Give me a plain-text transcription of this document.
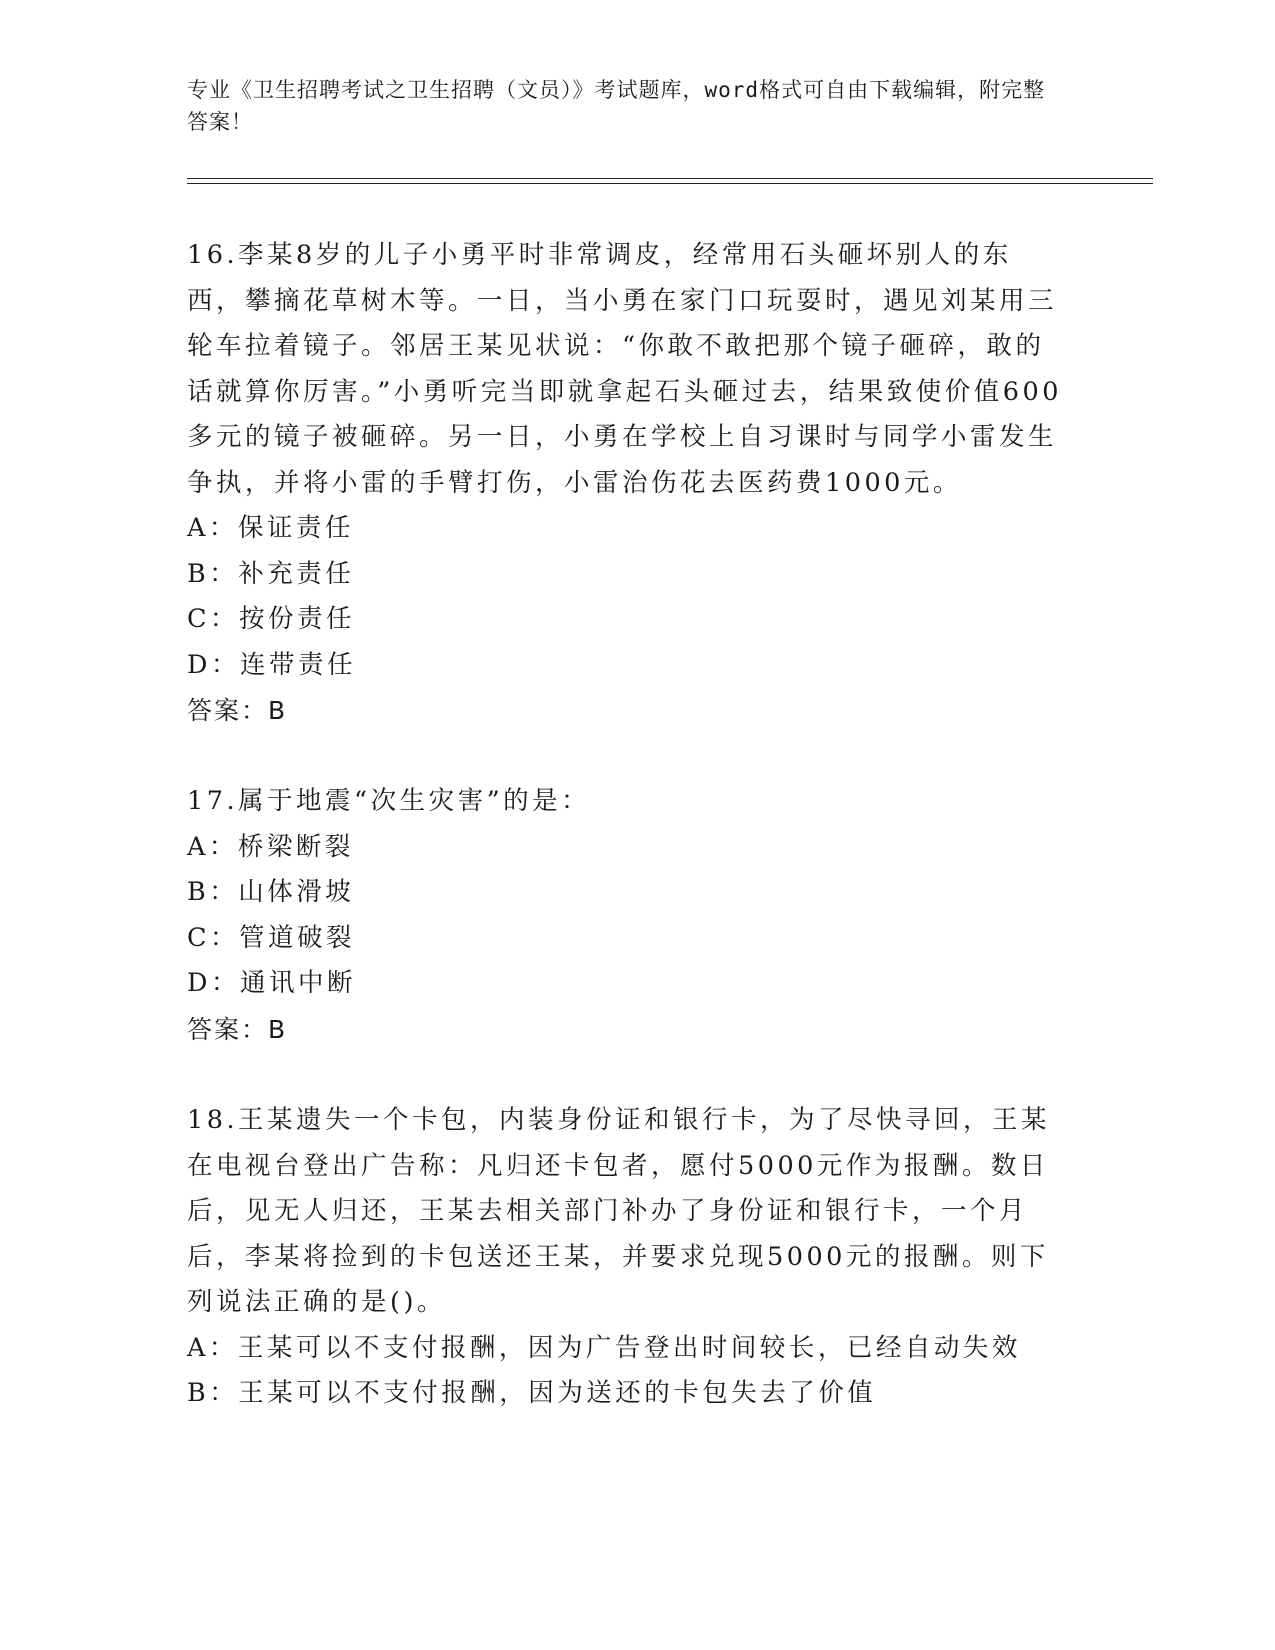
专业《卫生招聘考试之卫生招聘（文员）》考试题库，word格式可自由下载编辑，附完整答案！

16.李某8岁的儿子小勇平时非常调皮，经常用石头砸坏别人的东西，攀摘花草树木等。一日，当小勇在家门口玩耍时，遇见刘某用三轮车拉着镜子。邻居王某见状说：“你敢不敢把那个镜子砸碎，敢的话就算你厉害。”小勇听完当即就拿起石头砸过去，结果致使价值600多元的镜子被砸碎。另一日，小勇在学校上自习课时与同学小雷发生争执，并将小雷的手臂打伤，小雷治伤花去医药费1000元。

A：保证责任
B：补充责任
C：按份责任
D：连带责任
答案：B

17.属于地震“次生灾害”的是：

A：桥梁断裂
B：山体滑坡
C：管道破裂
D：通讯中断
答案：B

18.王某遗失一个卡包，内装身份证和银行卡，为了尽快寻回，王某在电视台登出广告称：凡归还卡包者，愿付5000元作为报酬。数日后，见无人归还，王某去相关部门补办了身份证和银行卡，一个月后，李某将捡到的卡包送还王某，并要求兑现5000元的报酬。则下列说法正确的是()。

A：王某可以不支付报酬，因为广告登出时间较长，已经自动失效
B：王某可以不支付报酬，因为送还的卡包失去了价值
